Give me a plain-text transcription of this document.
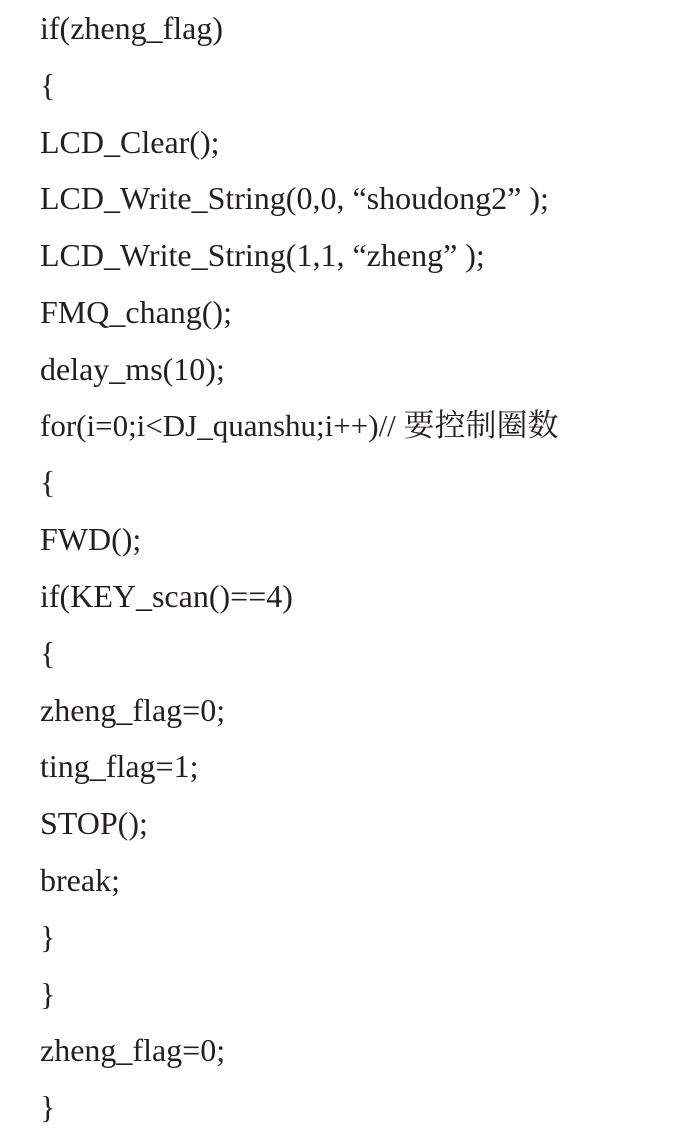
if(zheng_flag)
{
LCD_Clear();
LCD_Write_String(0,0, “shoudong2” );
LCD_Write_String(1,1, “zheng” );
FMQ_chang();
delay_ms(10);
for(i=0;i<DJ_quanshu;i++)// 要控制圈数
{
FWD();
if(KEY_scan()==4)
{
zheng_flag=0;
ting_flag=1;
STOP();
break;
}
}
zheng_flag=0;
}
